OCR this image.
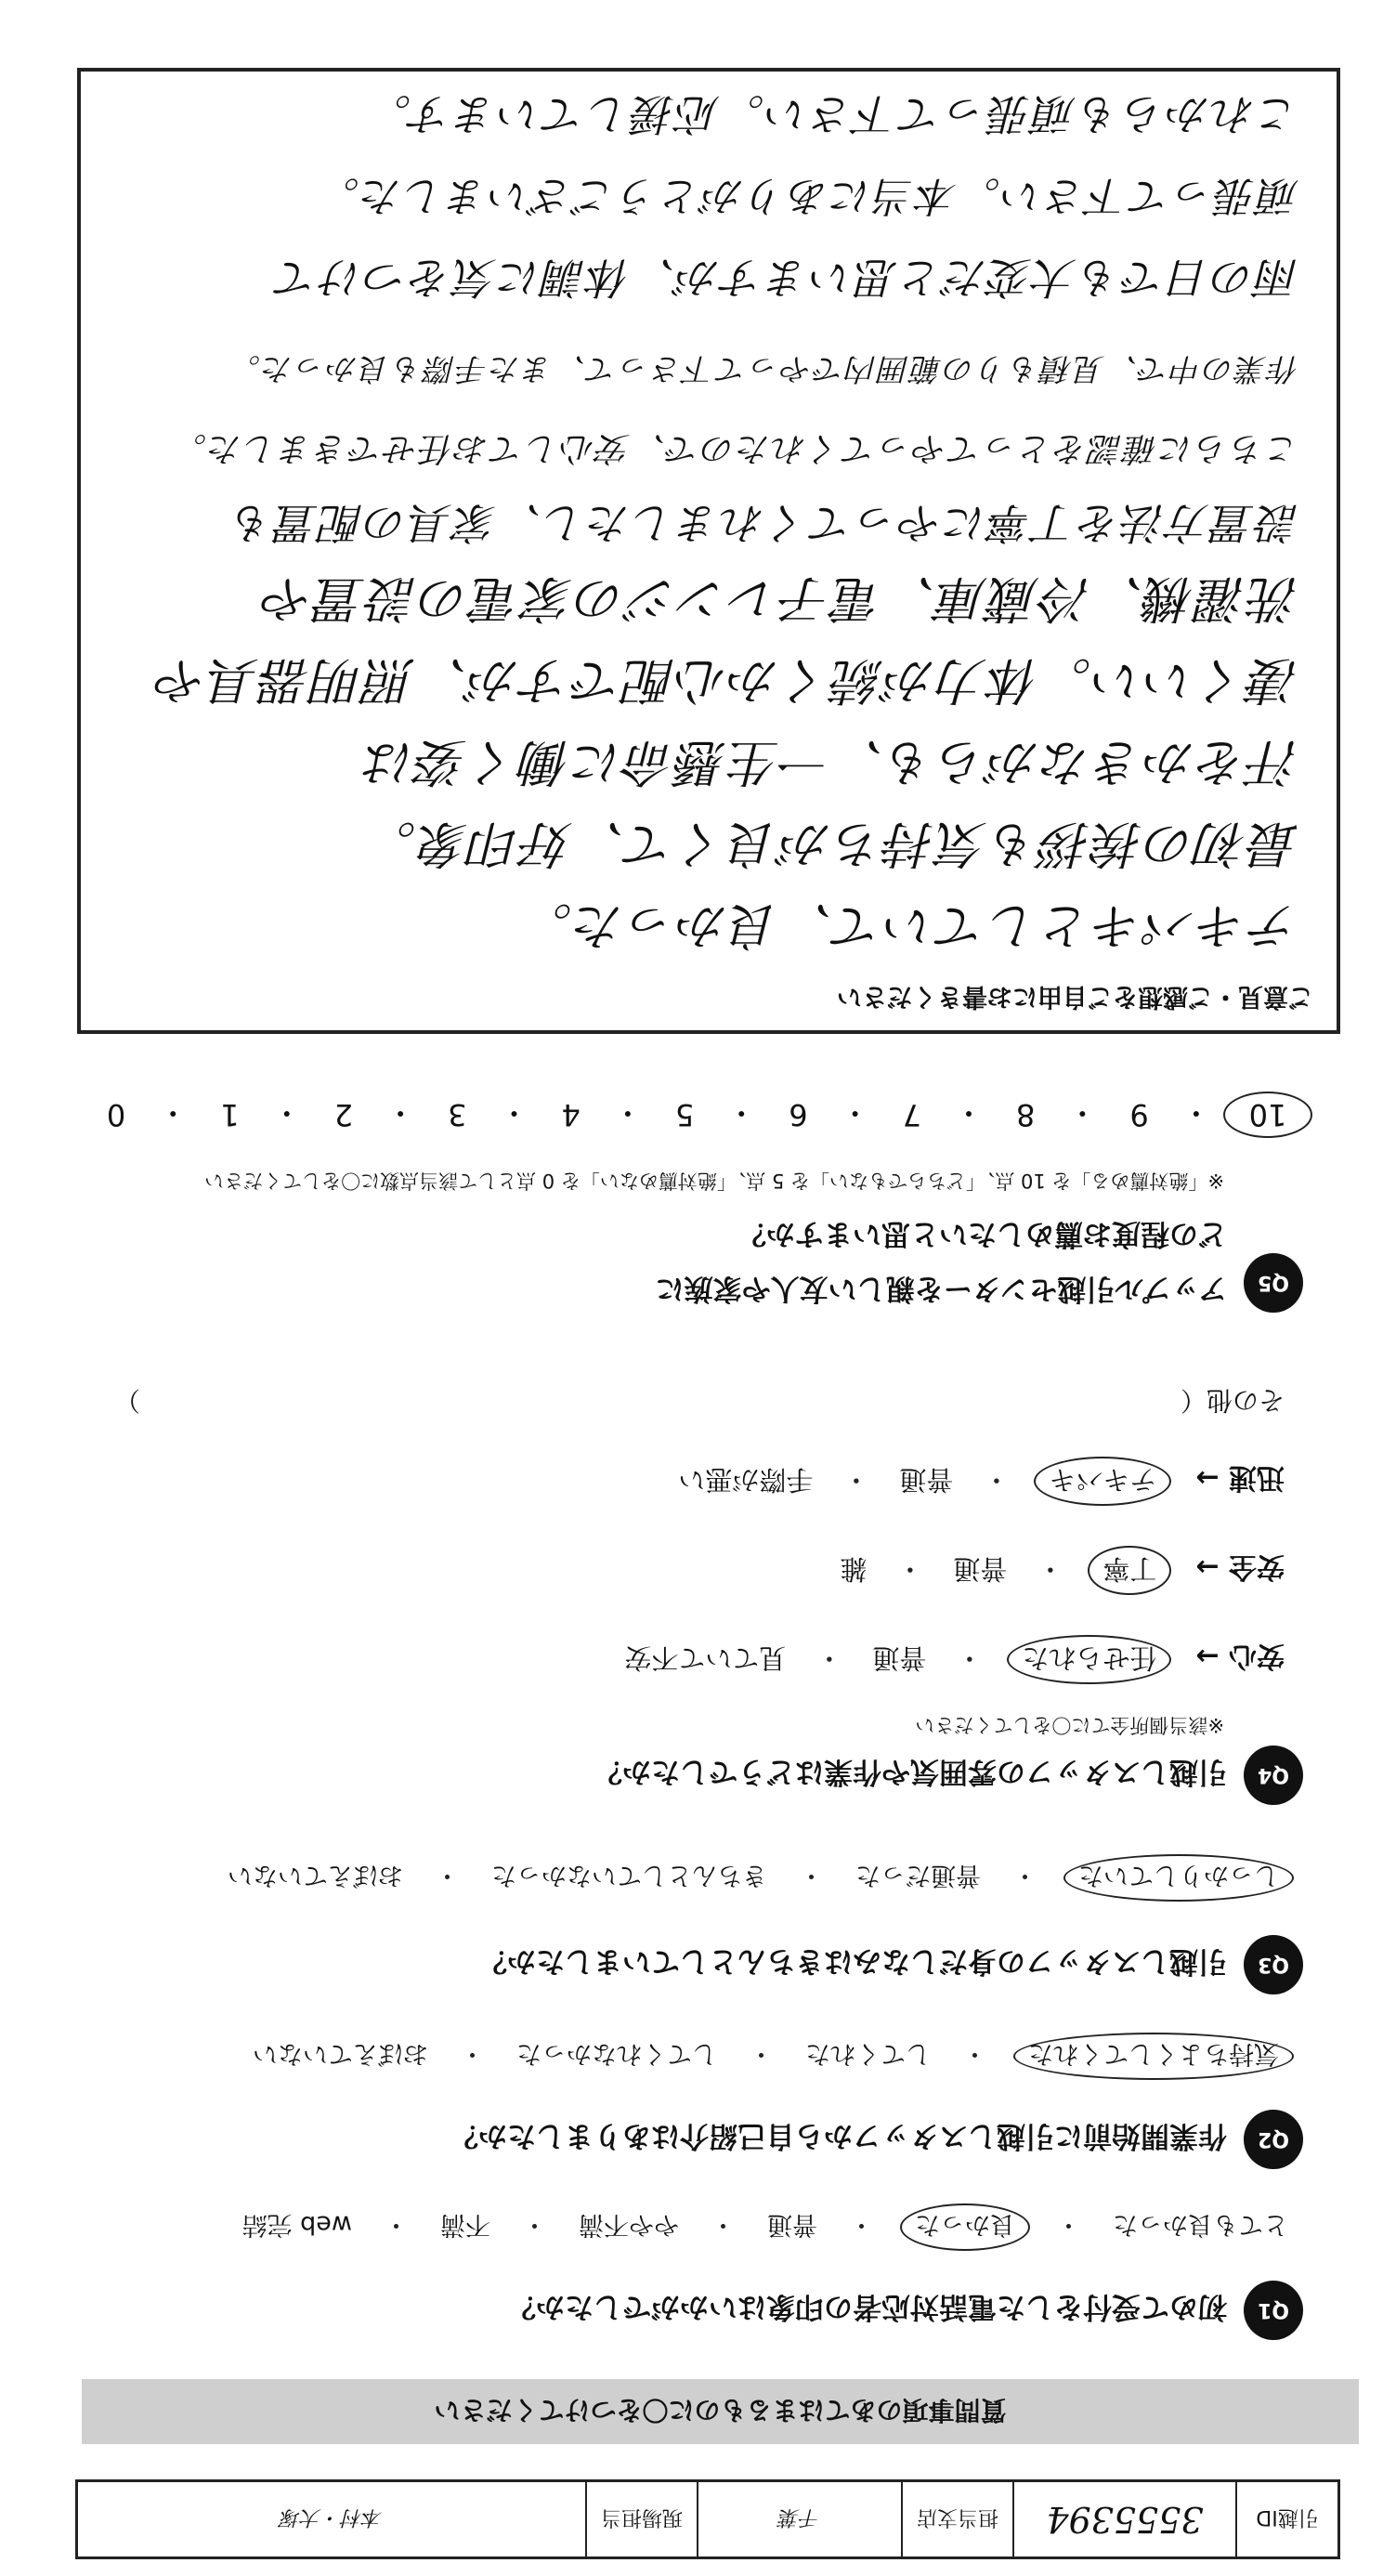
引越ID
3555394
担当支店
千葉
現場担当
本村・大塚
質問事項のあてはまるものに〇をつけてください
Q1
初めて受付をした電話対応者の印象はいかがでしたか？
とても良かった
・
良かった
・
普通
・
やや不満
・
不満
・
web 完結
Q2
作業開始前に引越しスタッフから自己紹介はありましたか？
気持ちよくしてくれた
・
してくれた
・
してくれなかった
・
おぼえていない
Q3
引越しスタッフの身だしなみはきちんとしていましたか？
しっかりしていた
・
普通だった
・
きちんとしていなかった
・
おぼえていない
Q4
引越しスタッフの雰囲気や作業はどうでしたか？
※該当個所全てに〇をしてください
安心 →
任せられた
・
普通
・
見ていて不安
安全 →
丁寧
・
普通
・
雑
迅速 →
テキパキ
・
普通
・
手際が悪い
その他（
）
Q5
アップル引越センターを親しい友人や家族に
どの程度お薦めしたいと思いますか？
※「絶対薦める」を 10 点、「どちらでもない」を 5 点、「絶対薦めない」を 0 点として該当点数に〇をしてください
10
・
9
・
8
・
7
・
6
・
5
・
4
・
3
・
2
・
1
・
0
ご意見・ご感想をご自由にお書きください
テキパキとしていて、良かった。
最初の挨拶も気持ちが良くて、好印象。
汗をかきながらも、一生懸命に働く姿は
凄くいい。体力が続くか心配ですが、照明器具や
洗濯機、冷蔵庫、電子レンジの家電の設置や
設置方法を丁寧にやってくれましたし、家具の配置も
こちらに確認をとってやってくれたので、安心してお任せできました。
作業の中で、見積もりの範囲内でやって下さって、また手際も良かった。
雨の日でも大変だと思いますが、体調に気をつけて
頑張って下さい。本当にありがとうございました。
これからも頑張って下さい。応援しています。
